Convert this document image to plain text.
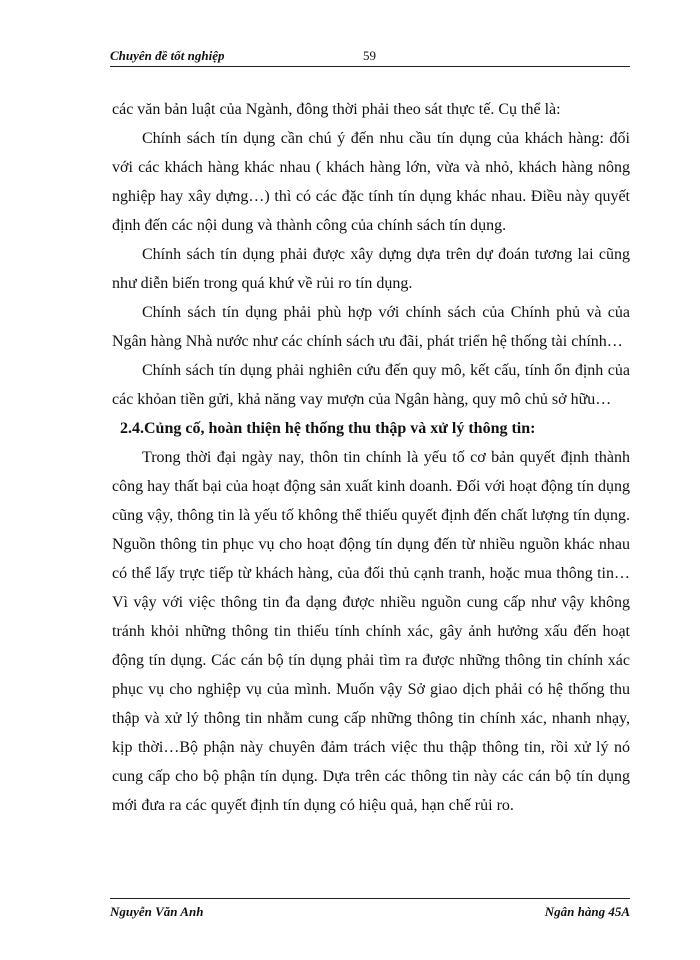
Chuyên đề tốt nghiệp	59

các văn bản luật của Ngành, đông thời phải theo sát thực tế. Cụ thể là:

Chính sách tín dụng cần chú ý đến nhu cầu tín dụng của khách hàng: đối với các khách hàng khác nhau ( khách hàng lớn, vừa và nhỏ, khách hàng nông nghiệp hay xây dựng…) thì có các đặc tính tín dụng khác nhau. Điều này quyết định đến các nội dung và thành công của chính sách tín dụng.

Chính sách tín dụng phải được xây dựng dựa trên dự đoán tương lai cũng như diễn biến trong quá khứ về rủi ro tín dụng.

Chính sách tín dụng phải phù hợp với chính sách của Chính phủ và của Ngân hàng Nhà nước như các chính sách ưu đãi, phát triển hệ thống tài chính…

Chính sách tín dụng phải nghiên cứu đến quy mô, kết cấu, tính ổn định của các khỏan tiền gửi, khả năng vay mượn của Ngân hàng, quy mô chủ sở hữu…

2.4.Củng cố, hoàn thiện hệ thống thu thập và xử lý thông tin:

Trong thời đại ngày nay, thôn tin chính là yếu tố cơ bản quyết định thành công hay thất bại của hoạt động sản xuất kinh doanh. Đối với hoạt động tín dụng cũng vậy, thông tin là yếu tố không thể thiếu quyết định đến chất lượng tín dụng. Nguồn thông tin phục vụ cho hoạt động tín dụng đến từ nhiều nguồn khác nhau có thể lấy trực tiếp từ khách hàng, của đối thủ cạnh tranh, hoặc mua thông tin…Vì vậy với việc thông tin đa dạng được nhiều nguồn cung cấp như vậy không tránh khỏi những thông tin thiếu tính chính xác, gây ảnh hưởng xấu đến hoạt động tín dụng. Các cán bộ tín dụng phải tìm ra được những thông tin chính xác phục vụ cho nghiệp vụ của mình. Muốn vậy Sở giao dịch phải có hệ thống thu thập và xử lý thông tin nhằm cung cấp những thông tin chính xác, nhanh nhạy, kịp thời…Bộ phận này chuyên đảm trách việc thu thập thông tin, rồi xử lý nó cung cấp cho bộ phận tín dụng. Dựa trên các thông tin này các cán bộ tín dụng mới đưa ra các quyết định tín dụng có hiệu quả, hạn chế rủi ro.

Nguyễn Văn Anh	Ngân hàng 45A
